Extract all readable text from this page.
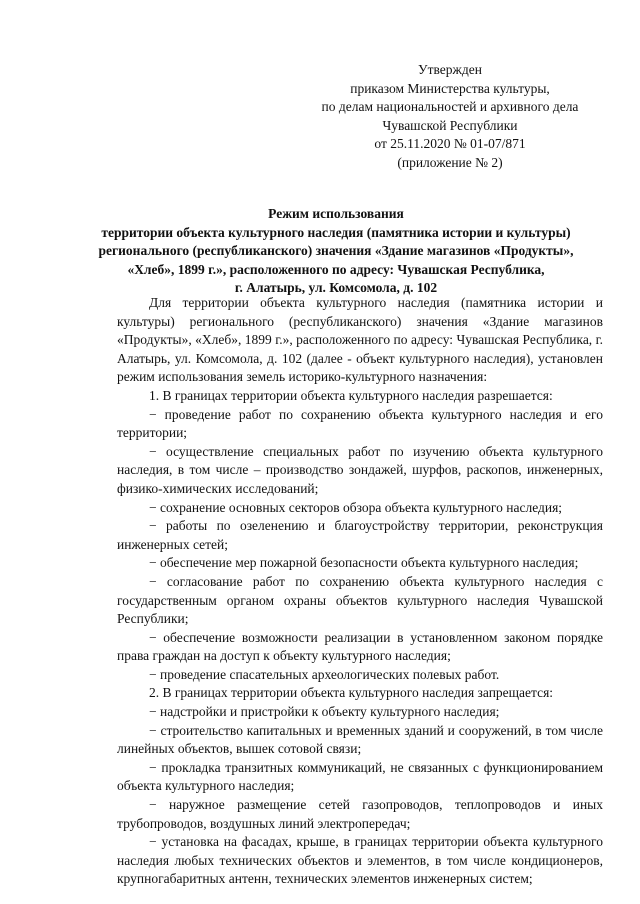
Утвержден
приказом Министерства культуры,
по делам национальностей и архивного дела
Чувашской Республики
от 25.11.2020 № 01-07/871
(приложение № 2)
Режим использования
территории объекта культурного наследия (памятника истории и культуры)
регионального (республиканского) значения «Здание магазинов «Продукты»,
«Хлеб», 1899 г.», расположенного по адресу: Чувашская Республика,
г. Алатырь, ул. Комсомола, д. 102

Для территории объекта культурного наследия (памятника истории и культуры) регионального (республиканского) значения «Здание магазинов «Продукты», «Хлеб», 1899 г.», расположенного по адресу: Чувашская Республика, г. Алатырь, ул. Комсомола, д. 102 (далее - объект культурного наследия), установлен режим использования земель историко-культурного назначения:

1. В границах территории объекта культурного наследия разрешается:

− проведение работ по сохранению объекта культурного наследия и его территории;

− осуществление специальных работ по изучению объекта культурного наследия, в том числе – производство зондажей, шурфов, раскопов, инженерных, физико-химических исследований;

− сохранение основных секторов обзора объекта культурного наследия;

− работы по озеленению и благоустройству территории, реконструкция инженерных сетей;

− обеспечение мер пожарной безопасности объекта культурного наследия;

− согласование работ по сохранению объекта культурного наследия с государственным органом охраны объектов культурного наследия Чувашской Республики;

− обеспечение возможности реализации в установленном законом порядке права граждан на доступ к объекту культурного наследия;

− проведение спасательных археологических полевых работ.

2. В границах территории объекта культурного наследия запрещается:

− надстройки и пристройки к объекту культурного наследия;

− строительство капитальных и временных зданий и сооружений, в том числе линейных объектов, вышек сотовой связи;

− прокладка транзитных коммуникаций, не связанных с функционированием объекта культурного наследия;

− наружное размещение сетей газопроводов, теплопроводов и иных трубопроводов, воздушных линий электропередач;

− установка на фасадах, крыше, в границах территории объекта культурного наследия любых технических объектов и элементов, в том числе кондиционеров, крупногабаритных антенн, технических элементов инженерных систем;
